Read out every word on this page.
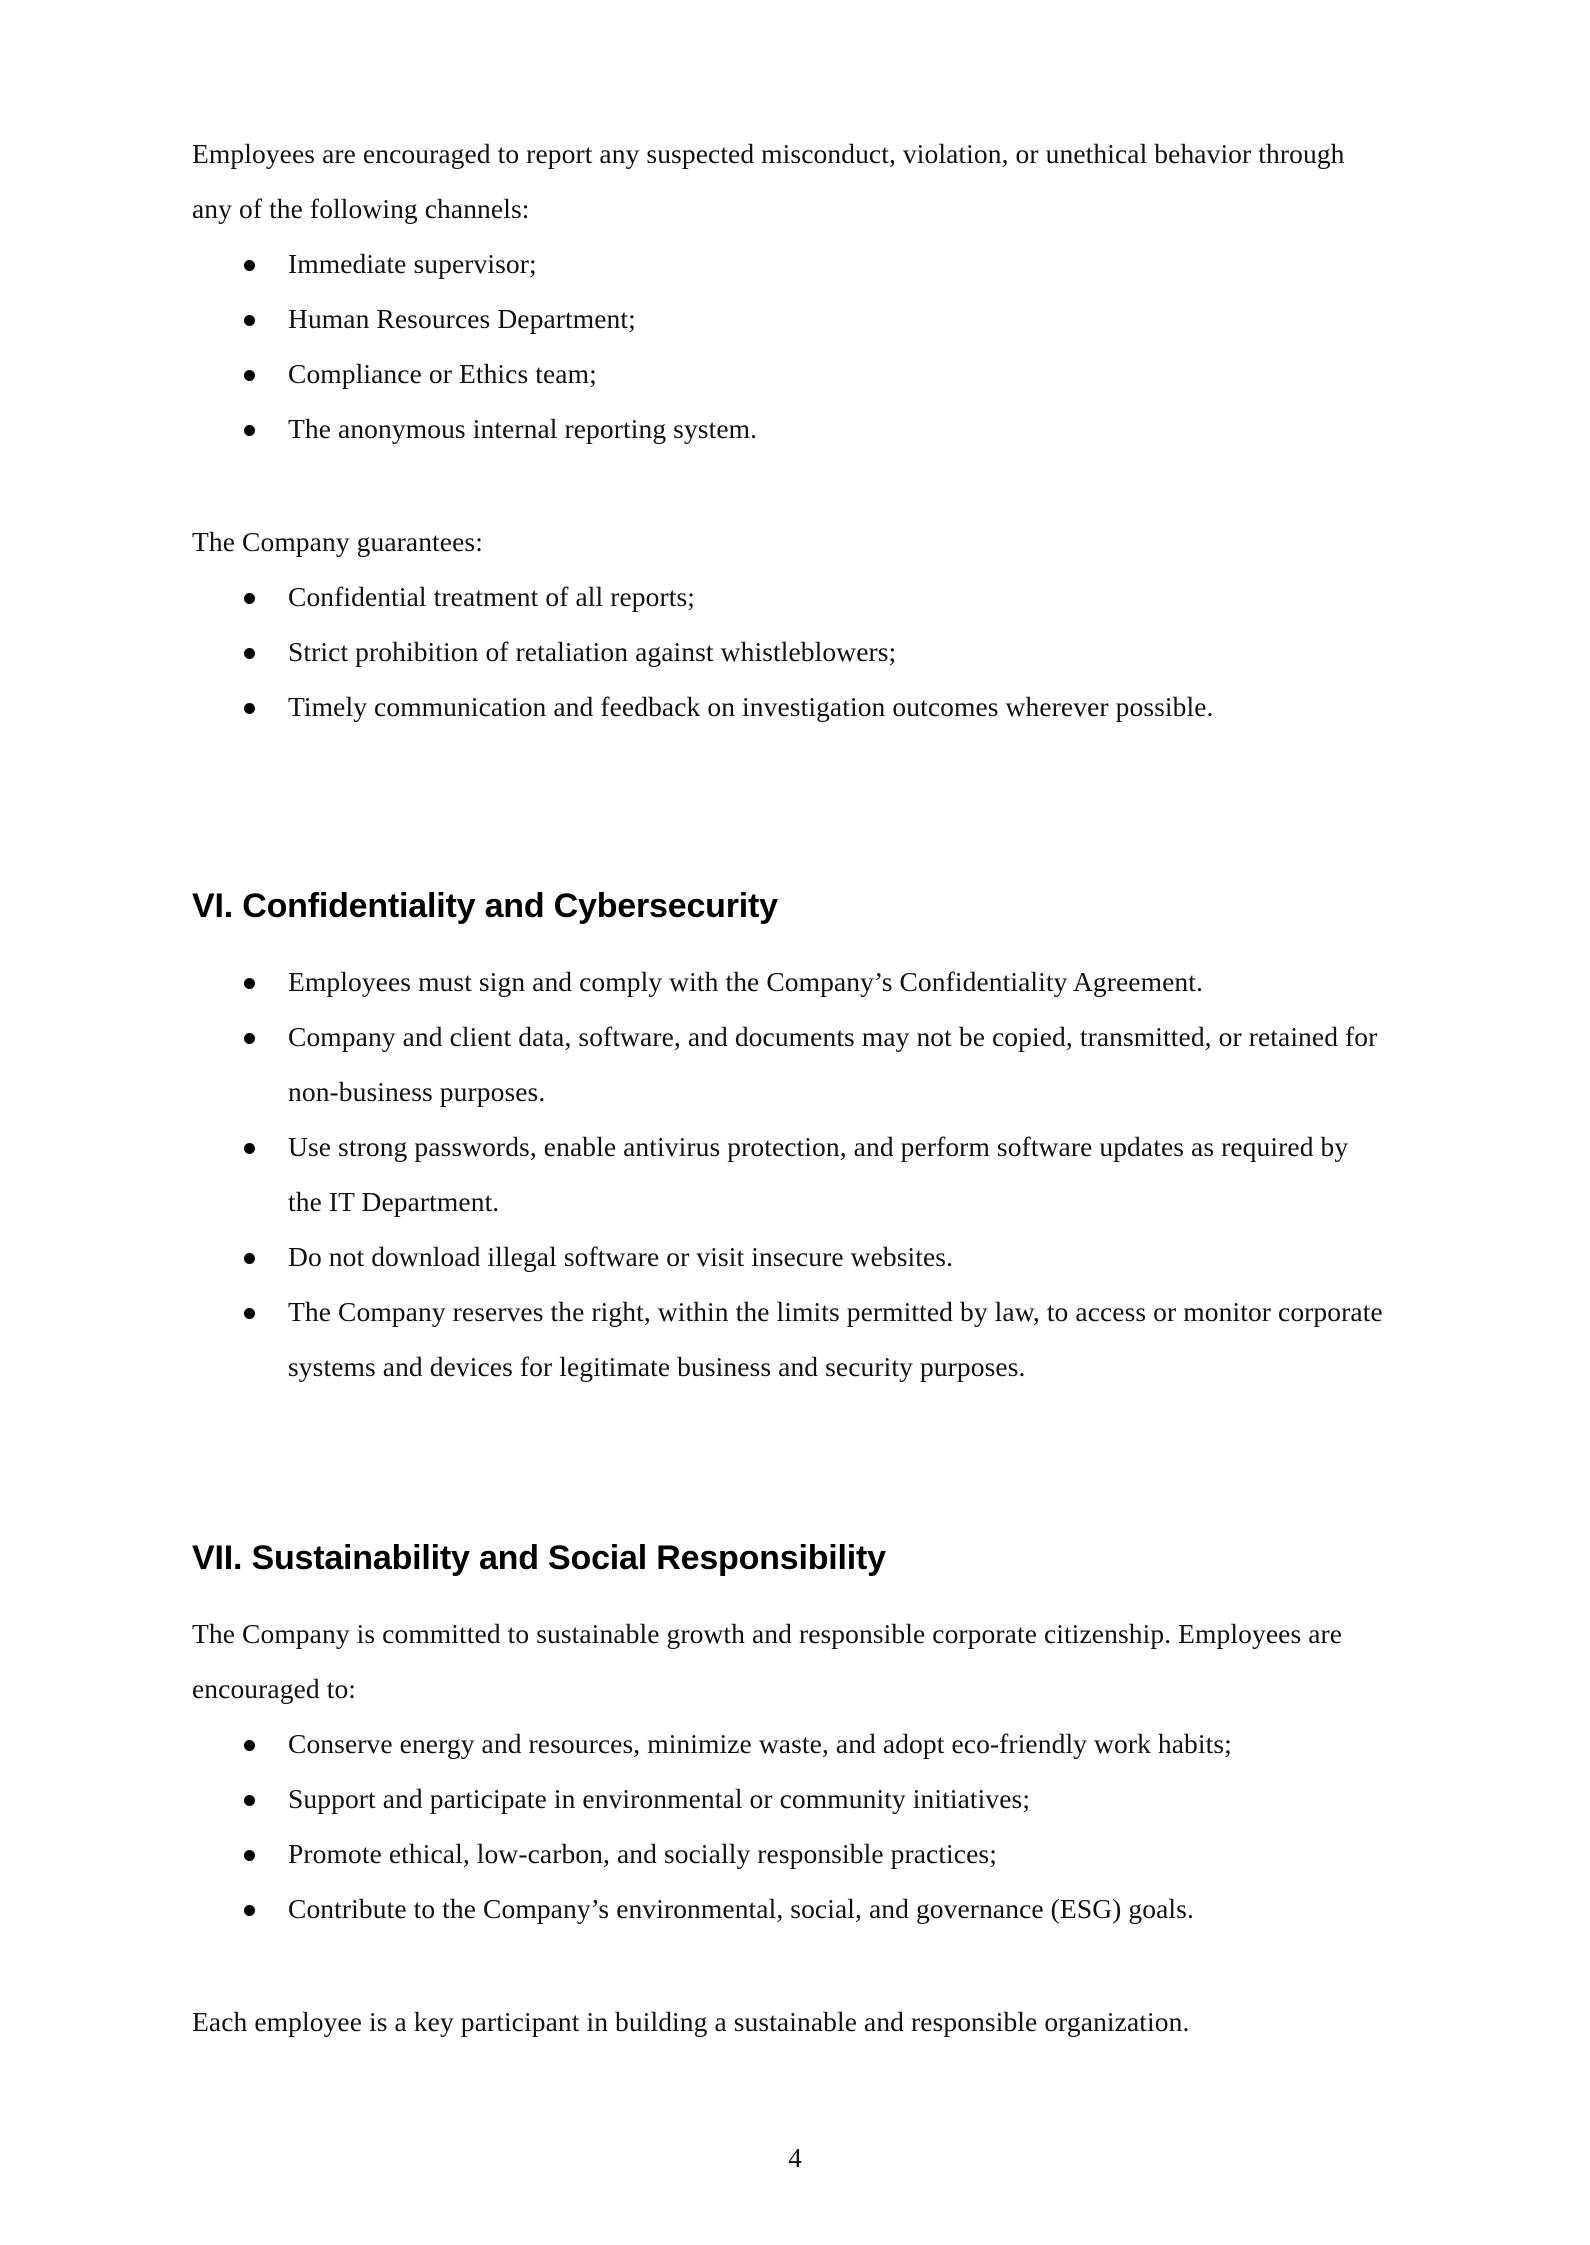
Employees are encouraged to report any suspected misconduct, violation, or unethical behavior through any of the following channels:

Immediate supervisor;
Human Resources Department;
Compliance or Ethics team;
The anonymous internal reporting system.

The Company guarantees:

Confidential treatment of all reports;
Strict prohibition of retaliation against whistleblowers;
Timely communication and feedback on investigation outcomes wherever possible.
VI. Confidentiality and Cybersecurity
Employees must sign and comply with the Company’s Confidentiality Agreement.
Company and client data, software, and documents may not be copied, transmitted, or retained for non‐business purposes.
Use strong passwords, enable antivirus protection, and perform software updates as required by the IT Department.
Do not download illegal software or visit insecure websites.
The Company reserves the right, within the limits permitted by law, to access or monitor corporate systems and devices for legitimate business and security purposes.
VII. Sustainability and Social Responsibility

The Company is committed to sustainable growth and responsible corporate citizenship. Employees are encouraged to:

Conserve energy and resources, minimize waste, and adopt eco‐friendly work habits;
Support and participate in environmental or community initiatives;
Promote ethical, low‐carbon, and socially responsible practices;
Contribute to the Company’s environmental, social, and governance (ESG) goals.

Each employee is a key participant in building a sustainable and responsible organization.

4
